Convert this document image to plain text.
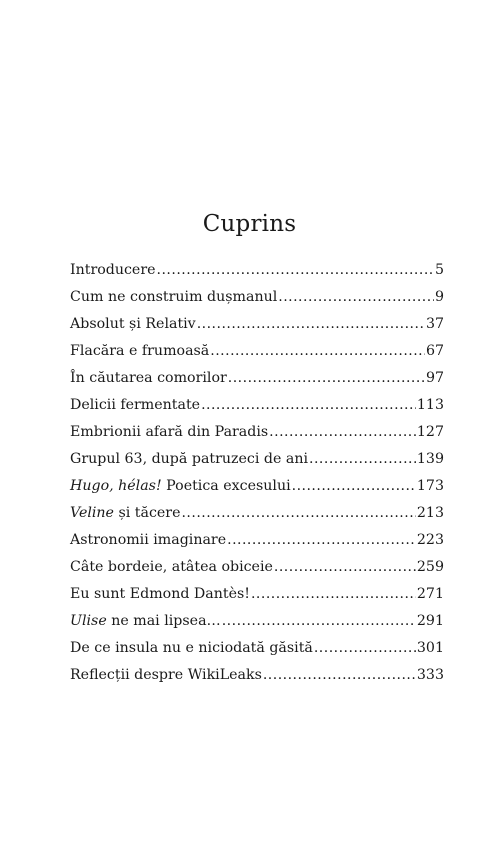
Cuprins
Introducere .....	5
Cum ne construim dușmanul .....	9
Absolut și Relativ .....	37
Flacăra e frumoasă .....	67
În căutarea comorilor .....	97
Delicii fermentate .....	113
Embrionii afară din Paradis .....	127
Grupul 63, după patruzeci de ani .....	139
Hugo, hélas! Poetica excesului .....	173
Veline și tăcere .....	213
Astronomii imaginare .....	223
Câte bordeie, atâtea obiceie .....	259
Eu sunt Edmond Dantès! .....	271
Ulise ne mai lipsea… .....	291
De ce insula nu e niciodată găsită .....	301
Reflecții despre WikiLeaks .....	333
